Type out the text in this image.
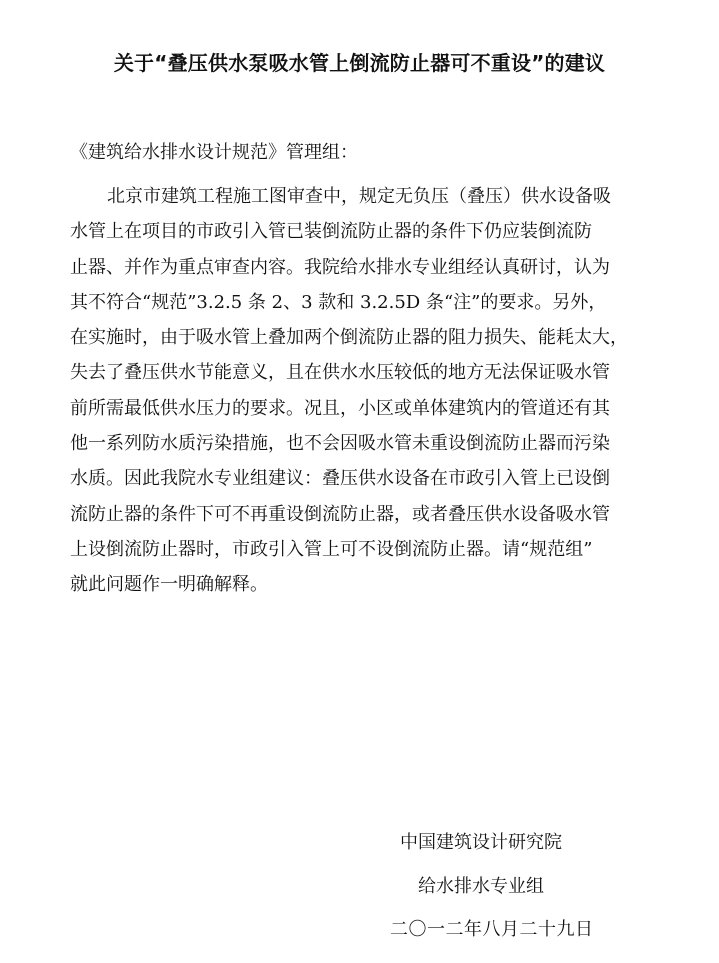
关于“叠压供水泵吸水管上倒流防止器可不重设”的建议
《建筑给水排水设计规范》管理组：
北京市建筑工程施工图审查中，规定无负压（叠压）供水设备吸
水管上在项目的市政引入管已装倒流防止器的条件下仍应装倒流防
止器、并作为重点审查内容。我院给水排水专业组经认真研讨，认为
其不符合“规范”3.2.5 条 2、3 款和 3.2.5D 条“注”的要求。另外，
在实施时，由于吸水管上叠加两个倒流防止器的阻力损失、能耗太大，
失去了叠压供水节能意义，且在供水水压较低的地方无法保证吸水管
前所需最低供水压力的要求。况且，小区或单体建筑内的管道还有其
他一系列防水质污染措施，也不会因吸水管未重设倒流防止器而污染
水质。因此我院水专业组建议：叠压供水设备在市政引入管上已设倒
流防止器的条件下可不再重设倒流防止器，或者叠压供水设备吸水管
上设倒流防止器时，市政引入管上可不设倒流防止器。请“规范组”
就此问题作一明确解释。
中国建筑设计研究院
给水排水专业组
二〇一二年八月二十九日
